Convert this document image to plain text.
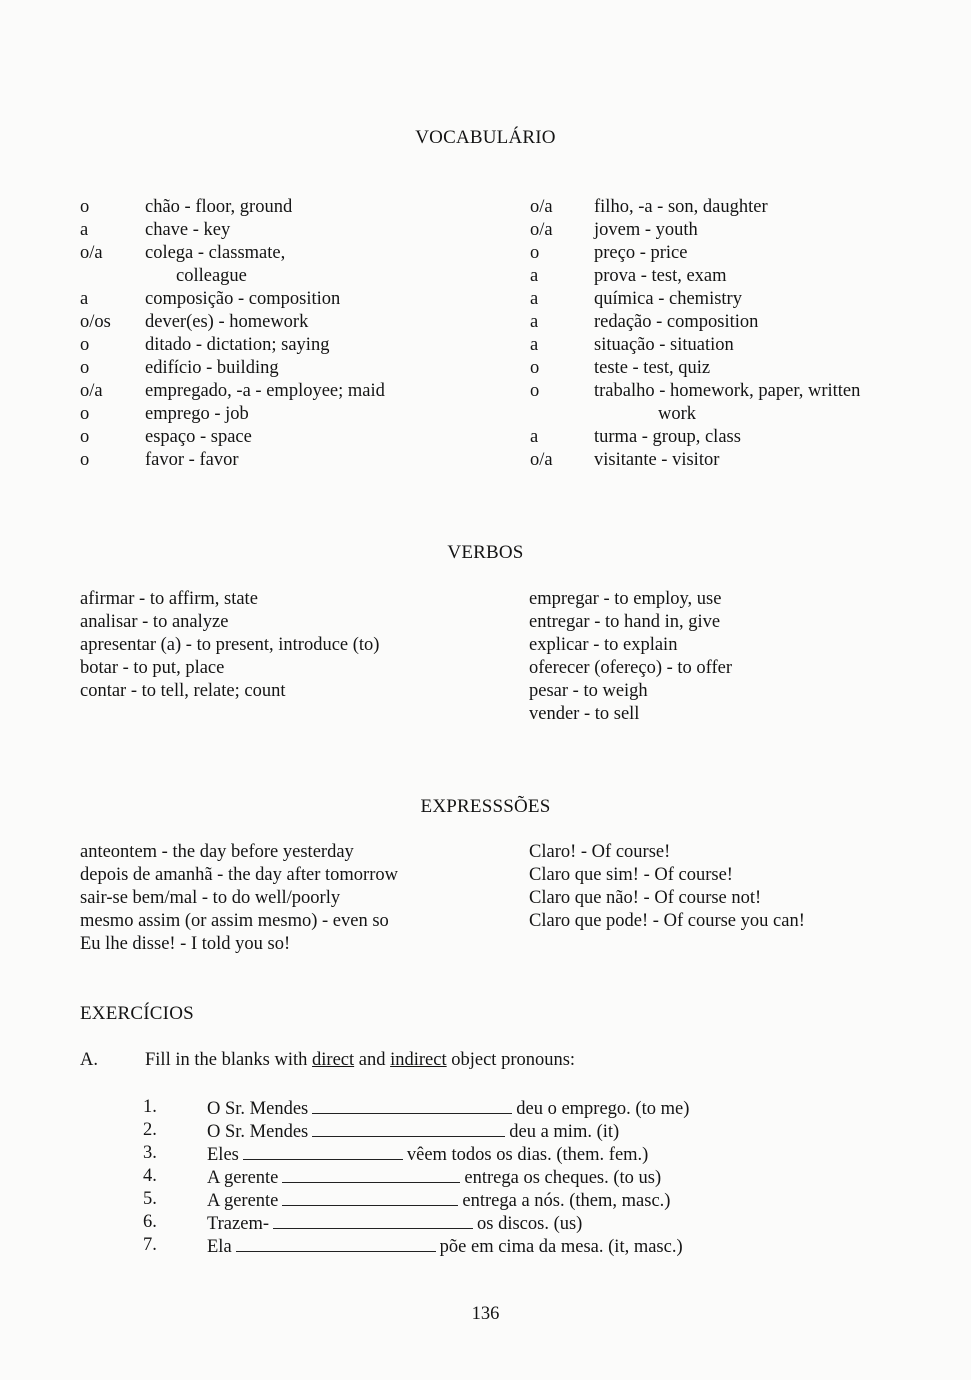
VOCABULÁRIO
o	chão - floor, ground
a	chave - key
o/a colega - classmate,
colleague
a	composição - composition
o/os dever(es) - homework
o	ditado - dictation; saying
o	edifício - building
o/a empregado, -a - employee; maid
o	emprego - job
o	espaço - space
o	favor - favor
o/a filho, -a - son, daughter
o/a jovem - youth
o	preço - price
a	prova - test, exam
a	química - chemistry
a	redação - composition
a	situação - situation
o	teste - test, quiz
o	trabalho - homework, paper, written
work
a	turma - group, class
o/a visitante - visitor
VERBOS
afirmar - to affirm, state
analisar - to analyze
apresentar (a) - to present, introduce (to)
botar - to put, place
contar - to tell, relate; count
empregar - to employ, use
entregar - to hand in, give
explicar - to explain
oferecer (ofereço) - to offer
pesar - to weigh
vender - to sell
EXPRESSSÕES
anteontem - the day before yesterday
depois de amanhã - the day after tomorrow
sair-se bem/mal - to do well/poorly
mesmo assim (or assim mesmo) - even so
Eu lhe disse! - I told you so!
Claro! - Of course!
Claro que sim! - Of course!
Claro que não! - Of course not!
Claro que pode! - Of course you can!
EXERCÍCIOS
A.	Fill in the blanks with direct and indirect object pronouns:
1.	O Sr. Mendes	deu o emprego. (to me)
2.	O Sr. Mendes	deu a mim. (it)
3.	Eles	vêem todos os dias. (them. fem.)
4.	A gerente	entrega os cheques. (to us)
5.	A gerente	entrega a nós. (them, masc.)
6.	Trazem-	os discos. (us)
7.	Ela	põe em cima da mesa. (it, masc.)
136
